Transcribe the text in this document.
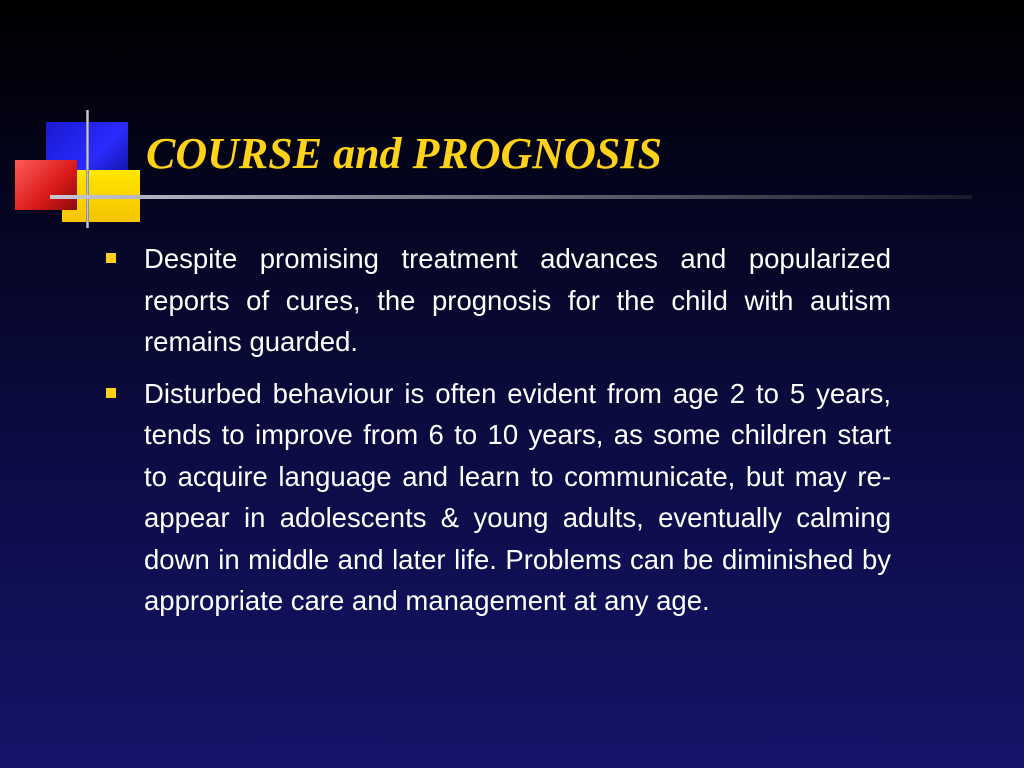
COURSE and PROGNOSIS
Despite promising treatment advances and popularized reports of cures, the prognosis for the child with autism remains guarded.
Disturbed behaviour is often evident from age 2 to 5 years, tends to improve from 6 to 10 years, as some children start to acquire language and learn to communicate, but may re-appear in adolescents & young adults, eventually calming down in middle and later life. Problems can be diminished by appropriate care and management at any age.
